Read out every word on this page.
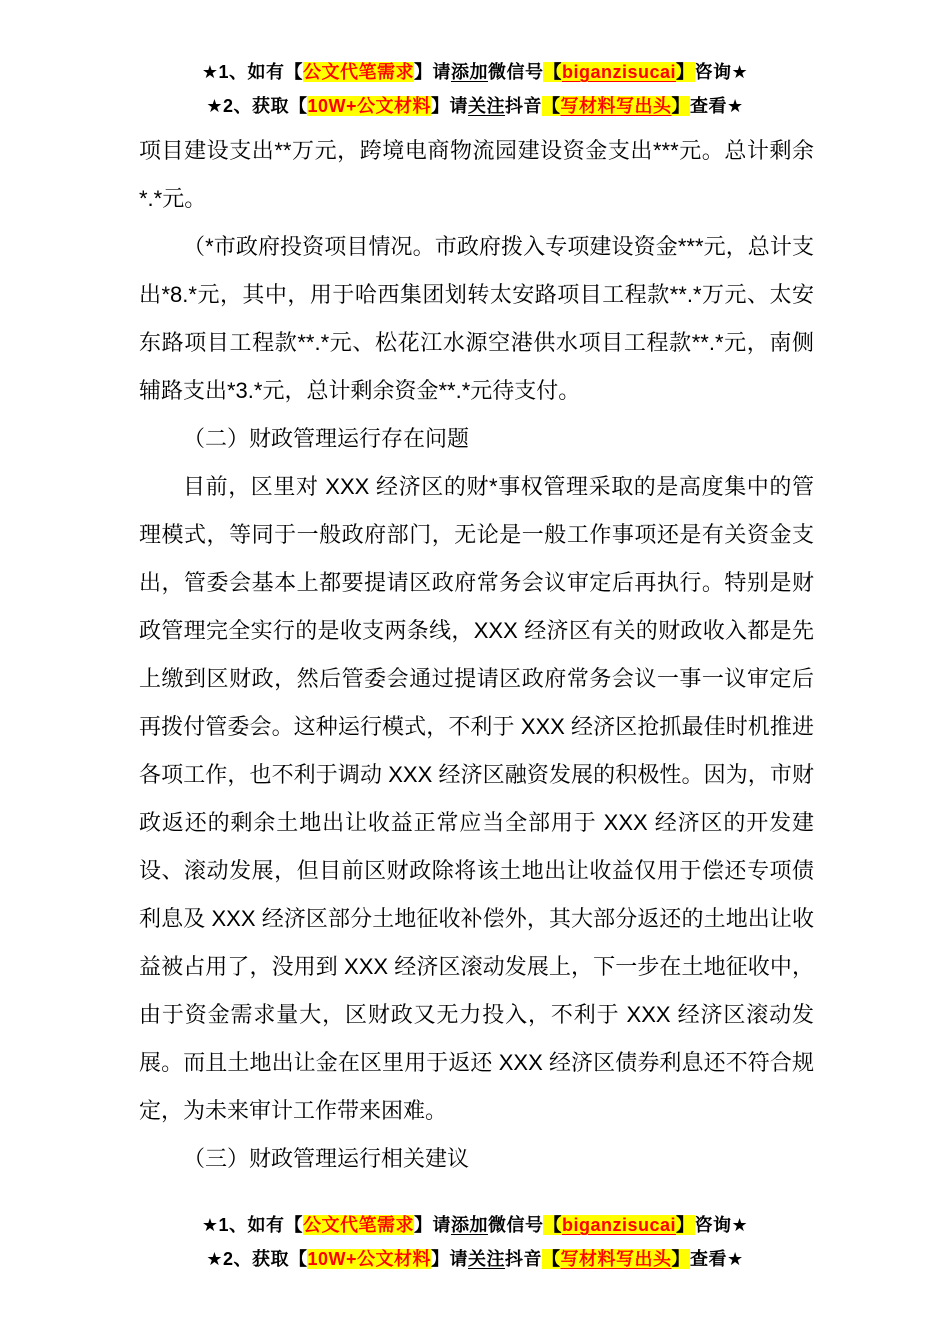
★1、如有【公文代笔需求】请添加微信号【biganzisucai】咨询★
★2、获取【10W+公文材料】请关注抖音【写材料写出头】查看★

项目建设支出**万元，跨境电商物流园建设资金支出***元。总计剩余*.*元。

（*市政府投资项目情况。市政府拨入专项建设资金***元，总计支出*8.*元，其中，用于哈西集团划转太安路项目工程款**.*万元、太安东路项目工程款**.*元、松花江水源空港供水项目工程款**.*元，南侧辅路支出*3.*元，总计剩余资金**.*元待支付。

（二）财政管理运行存在问题

目前，区里对 XXX 经济区的财*事权管理采取的是高度集中的管理模式，等同于一般政府部门，无论是一般工作事项还是有关资金支出，管委会基本上都要提请区政府常务会议审定后再执行。特别是财政管理完全实行的是收支两条线，XXX 经济区有关的财政收入都是先上缴到区财政，然后管委会通过提请区政府常务会议一事一议审定后再拨付管委会。这种运行模式，不利于 XXX 经济区抢抓最佳时机推进各项工作，也不利于调动 XXX 经济区融资发展的积极性。因为，市财政返还的剩余土地出让收益正常应当全部用于 XXX 经济区的开发建设、滚动发展，但目前区财政除将该土地出让收益仅用于偿还专项债利息及 XXX 经济区部分土地征收补偿外，其大部分返还的土地出让收益被占用了，没用到 XXX 经济区滚动发展上，下一步在土地征收中，由于资金需求量大，区财政又无力投入，不利于 XXX 经济区滚动发展。而且土地出让金在区里用于返还 XXX 经济区债券利息还不符合规定，为未来审计工作带来困难。

（三）财政管理运行相关建议

★1、如有【公文代笔需求】请添加微信号【biganzisucai】咨询★
★2、获取【10W+公文材料】请关注抖音【写材料写出头】查看★
